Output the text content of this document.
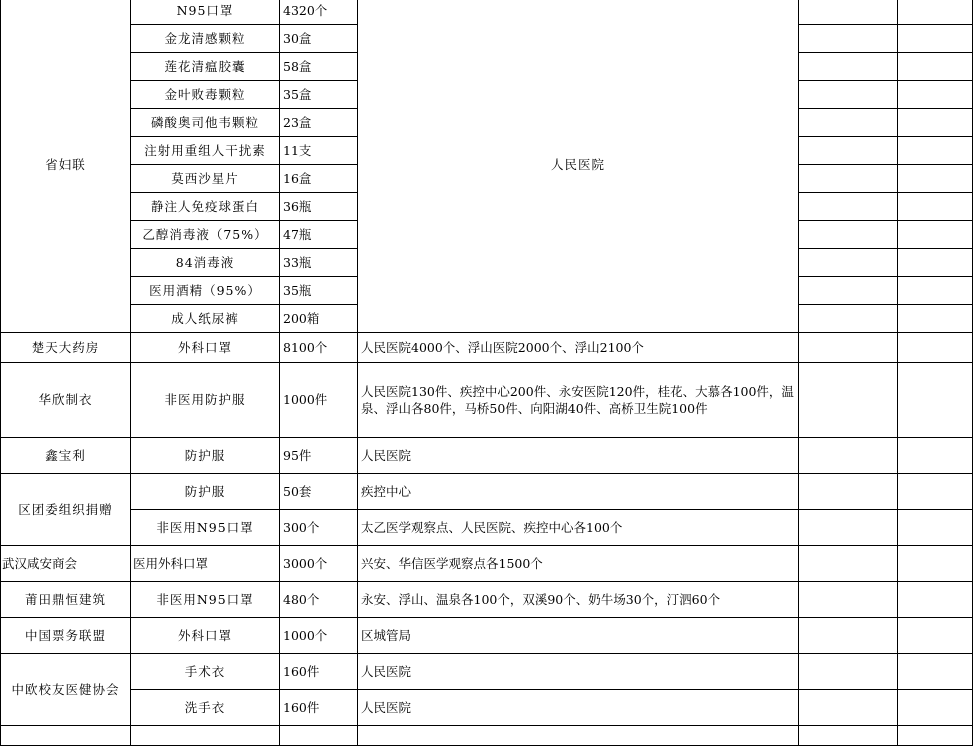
省妇联	N95口罩	4320个	人民医院		
	金龙清感颗粒	30盒			
	莲花清瘟胶囊	58盒			
	金叶败毒颗粒	35盒			
	磷酸奥司他韦颗粒	23盒			
	注射用重组人干扰素	11支			
	莫西沙星片	16盒			
	静注人免疫球蛋白	36瓶			
	乙醇消毒液（75%）	47瓶			
	84消毒液	33瓶			
	医用酒精（95%）	35瓶			
	成人纸尿裤	200箱			
楚天大药房	外科口罩	8100个	人民医院4000个、浮山医院2000个、浮山2100个		
华欣制衣	非医用防护服	1000件	人民医院130件、疾控中心200件、永安医院120件，桂花、大慕各100件，温泉、浮山各80件，马桥50件、向阳湖40件、高桥卫生院100件		
鑫宝利	防护服	95件	人民医院		
区团委组织捐赠	防护服	50套	疾控中心		
	非医用N95口罩	300个	太乙医学观察点、人民医院、疾控中心各100个		
武汉咸安商会	医用外科口罩	3000个	兴安、华信医学观察点各1500个		
莆田鼎恒建筑	非医用N95口罩	480个	永安、浮山、温泉各100个，双溪90个、奶牛场30个，汀泗60个		
中国票务联盟	外科口罩	1000个	区城管局		
中欧校友医健协会	手术衣	160件	人民医院		
	洗手衣	160件	人民医院		
